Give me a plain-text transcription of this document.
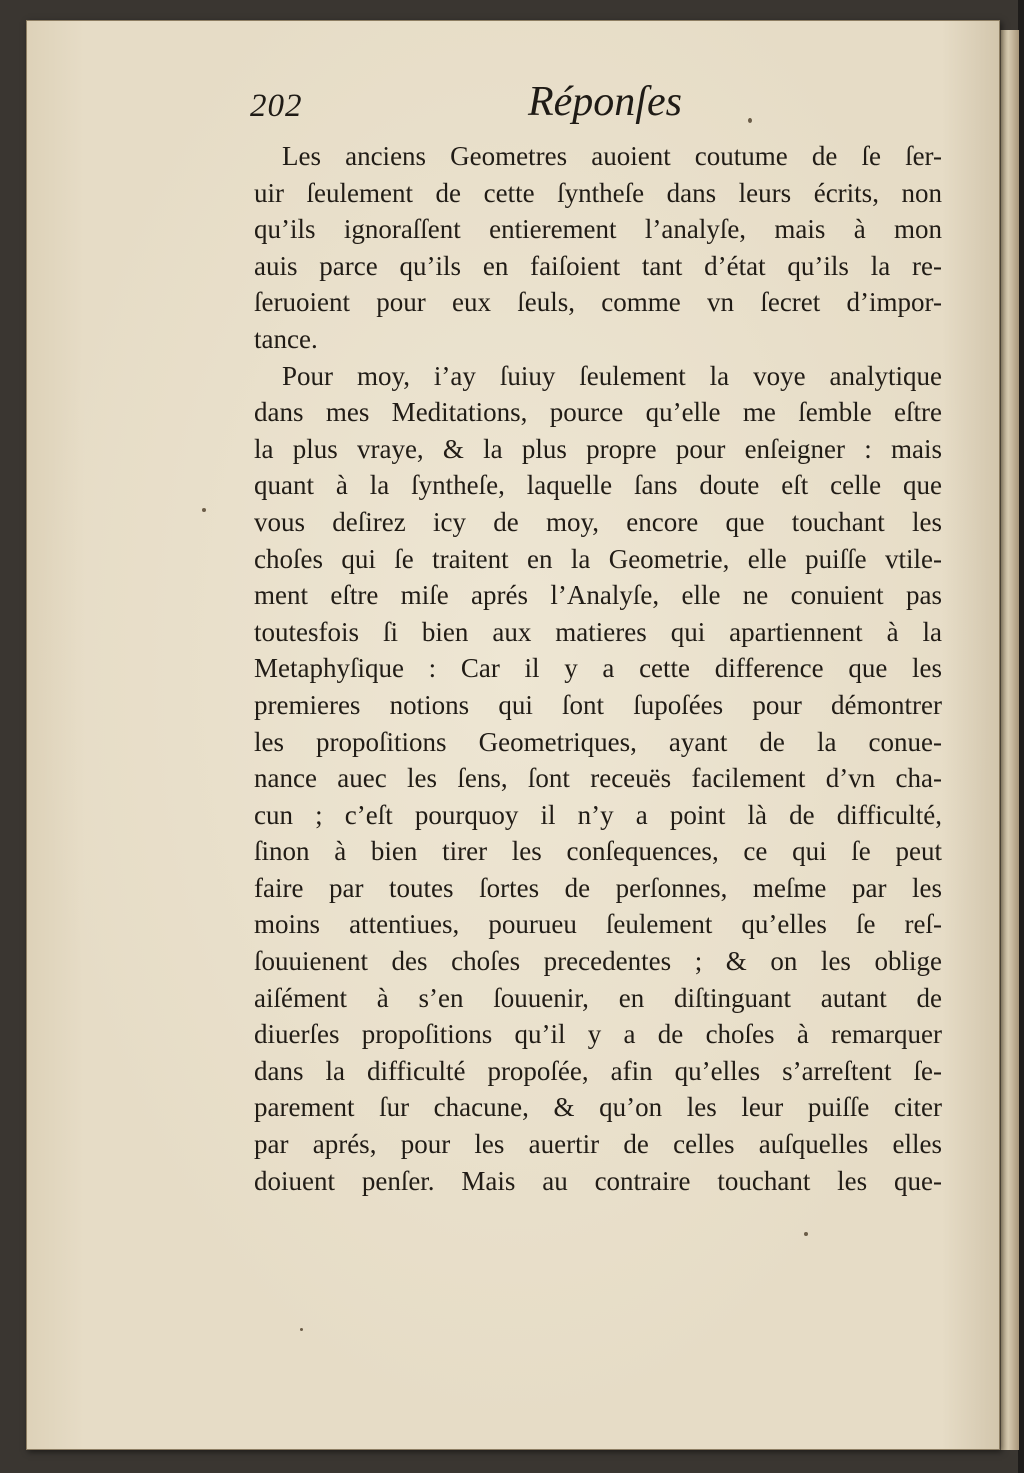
202	Réponſes
Les anciens Geometres auoient coutume de ſe ſer-
uir ſeulement de cette ſyntheſe dans leurs écrits, non
qu’ils ignoraſſent entierement l’analyſe, mais à mon
auis parce qu’ils en faiſoient tant d’état qu’ils la re-
ſeruoient pour eux ſeuls, comme vn ſecret d’impor-
tance.
Pour moy, i’ay ſuiuy ſeulement la voye analytique
dans mes Meditations, pource qu’elle me ſemble eſtre
la plus vraye, & la plus propre pour enſeigner : mais
quant à la ſyntheſe, laquelle ſans doute eſt celle que
vous deſirez icy de moy, encore que touchant les
choſes qui ſe traitent en la Geometrie, elle puiſſe vtile-
ment eſtre miſe aprés l’Analyſe, elle ne conuient pas
toutesfois ſi bien aux matieres qui apartiennent à la
Metaphyſique : Car il y a cette difference que les
premieres notions qui ſont ſupoſées pour démontrer
les propoſitions Geometriques, ayant de la conue-
nance auec les ſens, ſont receuës facilement d’vn cha-
cun ; c’eſt pourquoy il n’y a point là de difficulté,
ſinon à bien tirer les conſequences, ce qui ſe peut
faire par toutes ſortes de perſonnes, meſme par les
moins attentiues, pourueu ſeulement qu’elles ſe reſ-
ſouuienent des choſes precedentes ; & on les oblige
aiſément à s’en ſouuenir, en diſtinguant autant de
diuerſes propoſitions qu’il y a de choſes à remarquer
dans la difficulté propoſée, afin qu’elles s’arreſtent ſe-
parement ſur chacune, & qu’on les leur puiſſe citer
par aprés, pour les auertir de celles auſquelles elles
doiuent penſer. Mais au contraire touchant les que-
